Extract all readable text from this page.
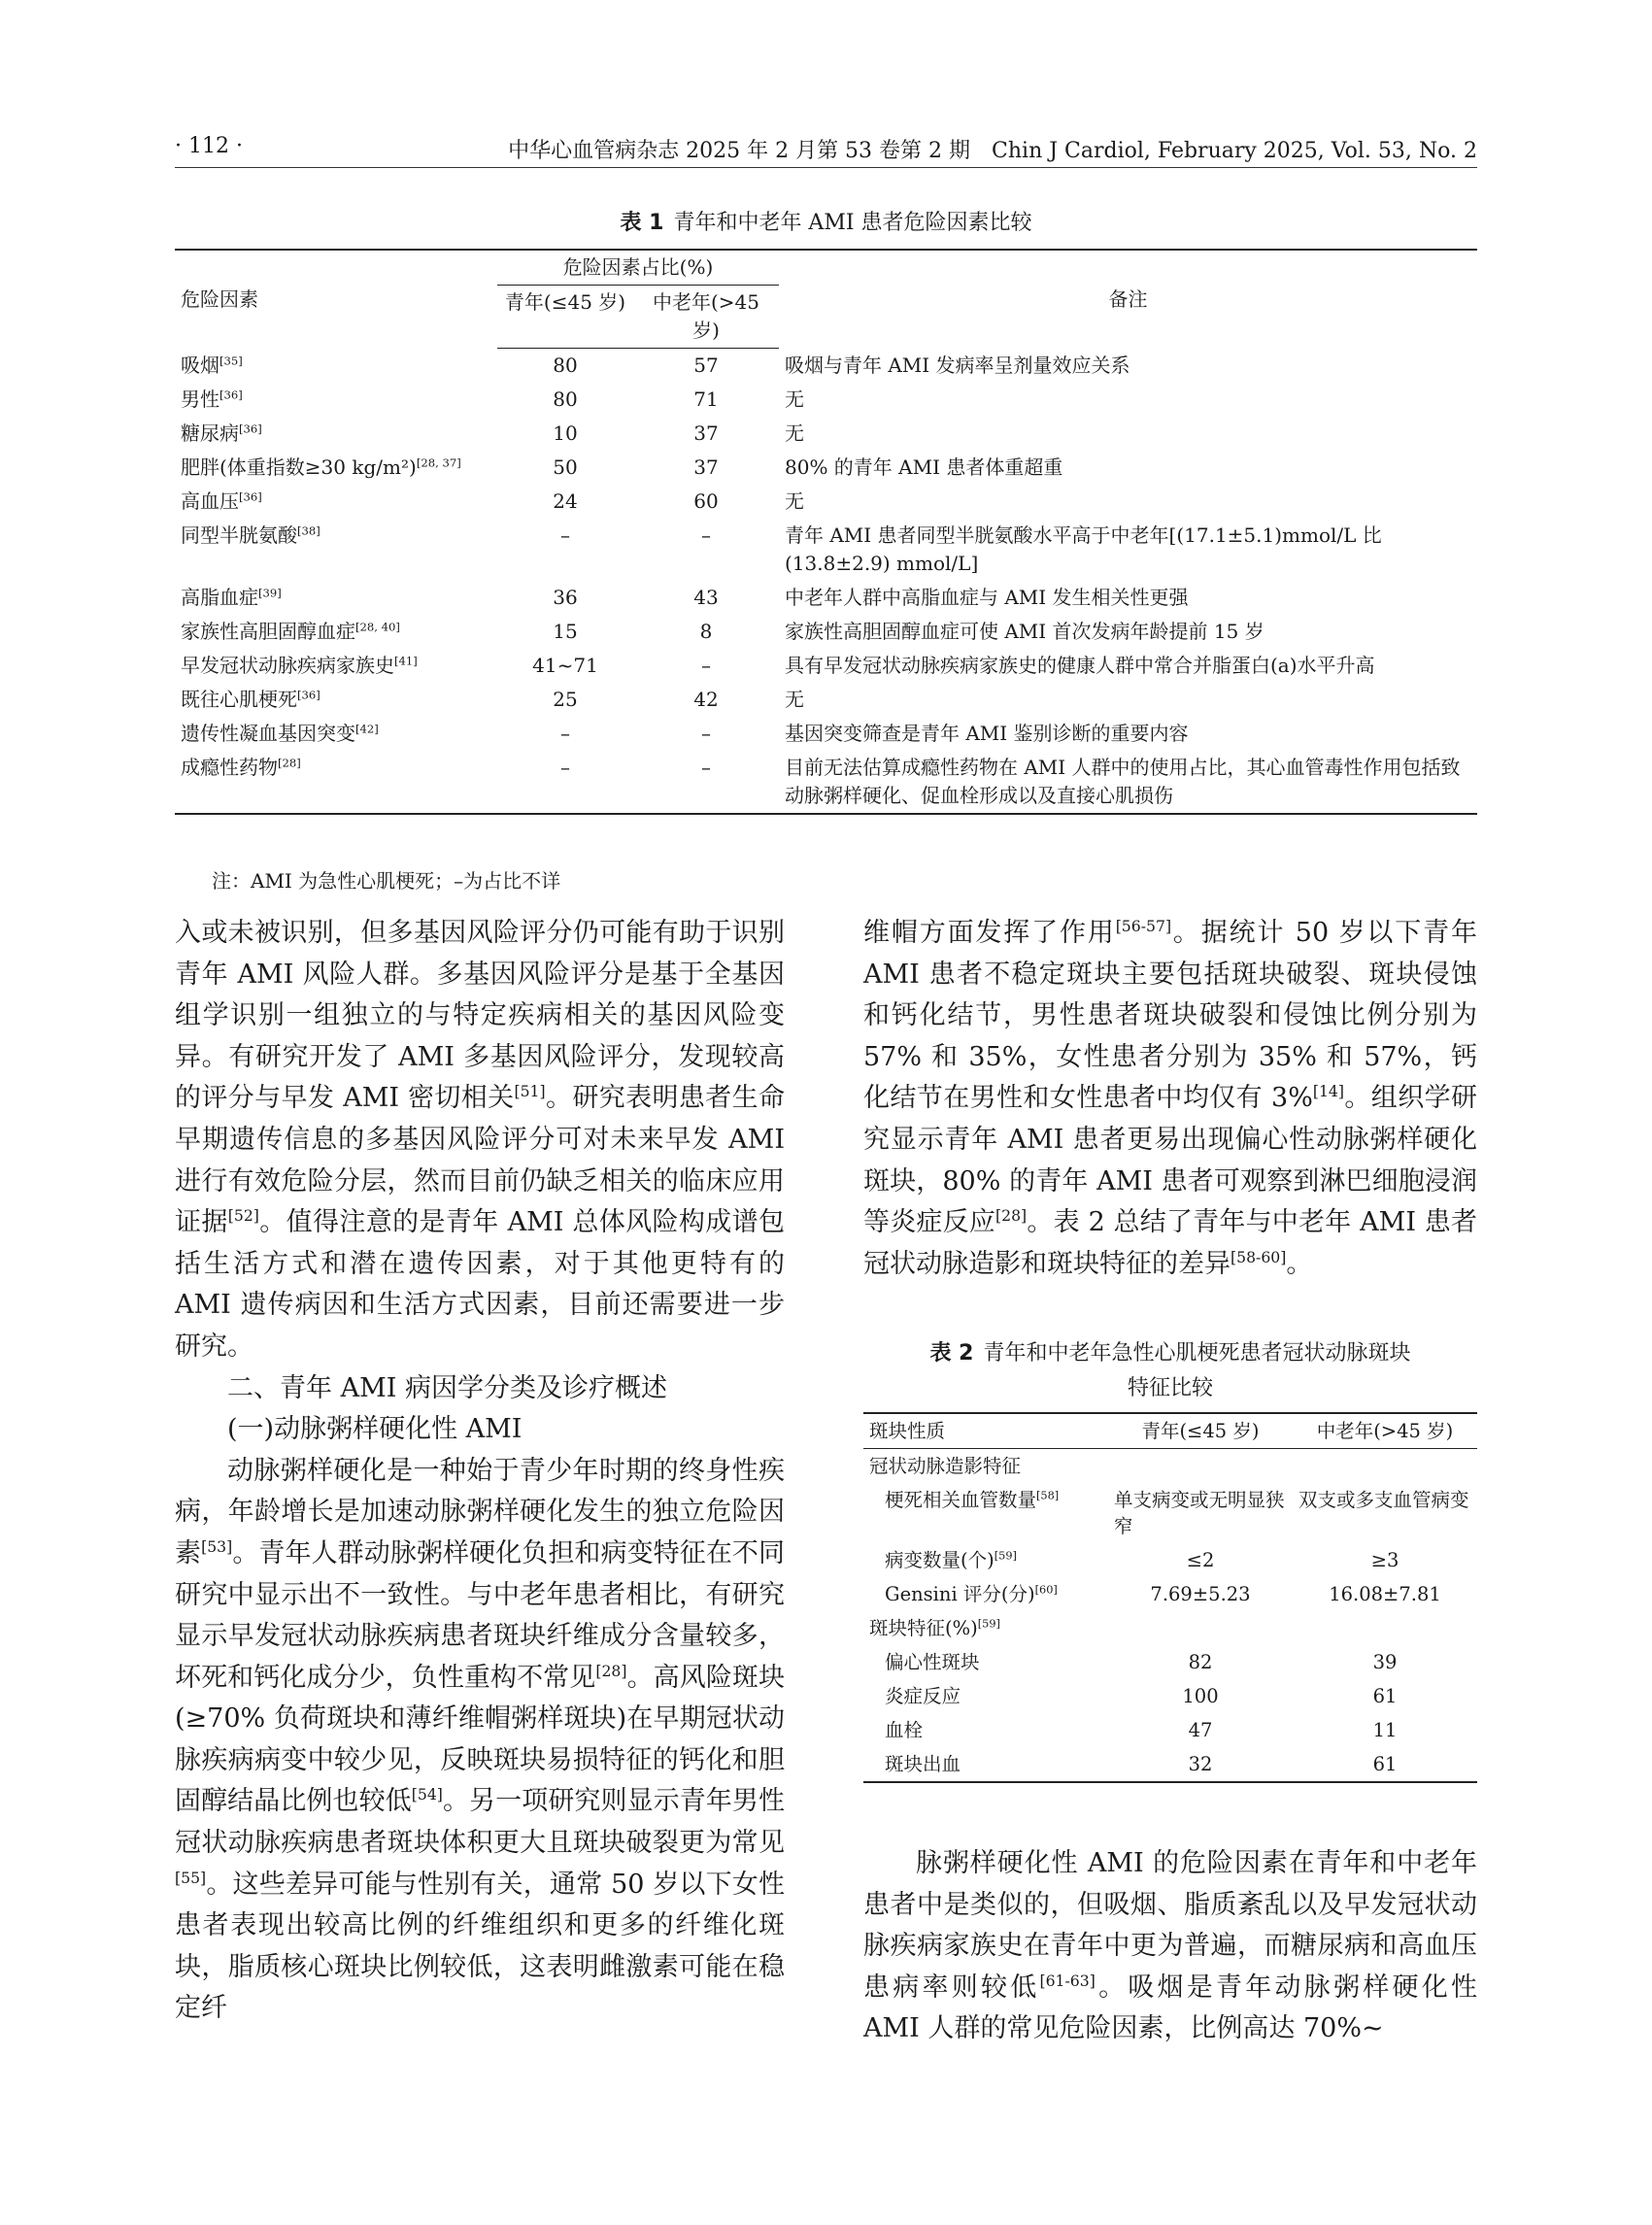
· 112 ·	中华心血管病杂志 2025 年 2 月第 53 卷第 2 期　Chin J Cardiol, February 2025, Vol. 53, No. 2
表 1 青年和中老年 AMI 患者危险因素比较
危险因素	危险因素占比(%)		备注
	青年(≤45 岁)	中老年(>45 岁)	
吸烟[35]	80	57	吸烟与青年 AMI 发病率呈剂量效应关系
男性[36]	80	71	无
糖尿病[36]	10	37	无
肥胖(体重指数≥30 kg/m²)[28, 37]	50	37	80% 的青年 AMI 患者体重超重
高血压[36]	24	60	无
同型半胱氨酸[38]	–	–	青年 AMI 患者同型半胱氨酸水平高于中老年[(17.1±5.1)mmol/L 比 (13.8±2.9) mmol/L]
高脂血症[39]	36	43	中老年人群中高脂血症与 AMI 发生相关性更强
家族性高胆固醇血症[28, 40]	15	8	家族性高胆固醇血症可使 AMI 首次发病年龄提前 15 岁
早发冠状动脉疾病家族史[41]	41~71	–	具有早发冠状动脉疾病家族史的健康人群中常合并脂蛋白(a)水平升高
既往心肌梗死[36]	25	42	无
遗传性凝血基因突变[42]	–	–	基因突变筛查是青年 AMI 鉴别诊断的重要内容
成瘾性药物[28]	–	–	目前无法估算成瘾性药物在 AMI 人群中的使用占比，其心血管毒性作用包括致动脉粥样硬化、促血栓形成以及直接心肌损伤
注：AMI 为急性心肌梗死；–为占比不详

入或未被识别，但多基因风险评分仍可能有助于识别青年 AMI 风险人群。多基因风险评分是基于全基因组学识别一组独立的与特定疾病相关的基因风险变异。有研究开发了 AMI 多基因风险评分，发现较高的评分与早发 AMI 密切相关[51]。研究表明患者生命早期遗传信息的多基因风险评分可对未来早发 AMI 进行有效危险分层，然而目前仍缺乏相关的临床应用证据[52]。值得注意的是青年 AMI 总体风险构成谱包括生活方式和潜在遗传因素，对于其他更特有的 AMI 遗传病因和生活方式因素，目前还需要进一步研究。

二、青年 AMI 病因学分类及诊疗概述

(一)动脉粥样硬化性 AMI

动脉粥样硬化是一种始于青少年时期的终身性疾病，年龄增长是加速动脉粥样硬化发生的独立危险因素[53]。青年人群动脉粥样硬化负担和病变特征在不同研究中显示出不一致性。与中老年患者相比，有研究显示早发冠状动脉疾病患者斑块纤维成分含量较多，坏死和钙化成分少，负性重构不常见[28]。高风险斑块(≥70% 负荷斑块和薄纤维帽粥样斑块)在早期冠状动脉疾病病变中较少见，反映斑块易损特征的钙化和胆固醇结晶比例也较低[54]。另一项研究则显示青年男性冠状动脉疾病患者斑块体积更大且斑块破裂更为常见[55]。这些差异可能与性别有关，通常 50 岁以下女性患者表现出较高比例的纤维组织和更多的纤维化斑块，脂质核心斑块比例较低，这表明雌激素可能在稳定纤

维帽方面发挥了作用[56-57]。据统计 50 岁以下青年 AMI 患者不稳定斑块主要包括斑块破裂、斑块侵蚀和钙化结节，男性患者斑块破裂和侵蚀比例分别为 57% 和 35%，女性患者分别为 35% 和 57%，钙化结节在男性和女性患者中均仅有 3%[14]。组织学研究显示青年 AMI 患者更易出现偏心性动脉粥样硬化斑块，80% 的青年 AMI 患者可观察到淋巴细胞浸润等炎症反应[28]。表 2 总结了青年与中老年 AMI 患者冠状动脉造影和斑块特征的差异[58-60]。

表 2 青年和中老年急性心肌梗死患者冠状动脉斑块
特征比较
斑块性质	青年(≤45 岁)	中老年(>45 岁)
冠状动脉造影特征		
梗死相关血管数量[58]	单支病变或无明显狭窄	双支或多支血管病变
病变数量(个)[59]	≤2	≥3
Gensini 评分(分)[60]	7.69±5.23	16.08±7.81
斑块特征(%)[59]
偏心性斑块	82	39
炎症反应	100	61
血栓	47	11
斑块出血	32	61

脉粥样硬化性 AMI 的危险因素在青年和中老年患者中是类似的，但吸烟、脂质紊乱以及早发冠状动脉疾病家族史在青年中更为普遍，而糖尿病和高血压患病率则较低[61-63]。吸烟是青年动脉粥样硬化性 AMI 人群的常见危险因素，比例高达 70%~
